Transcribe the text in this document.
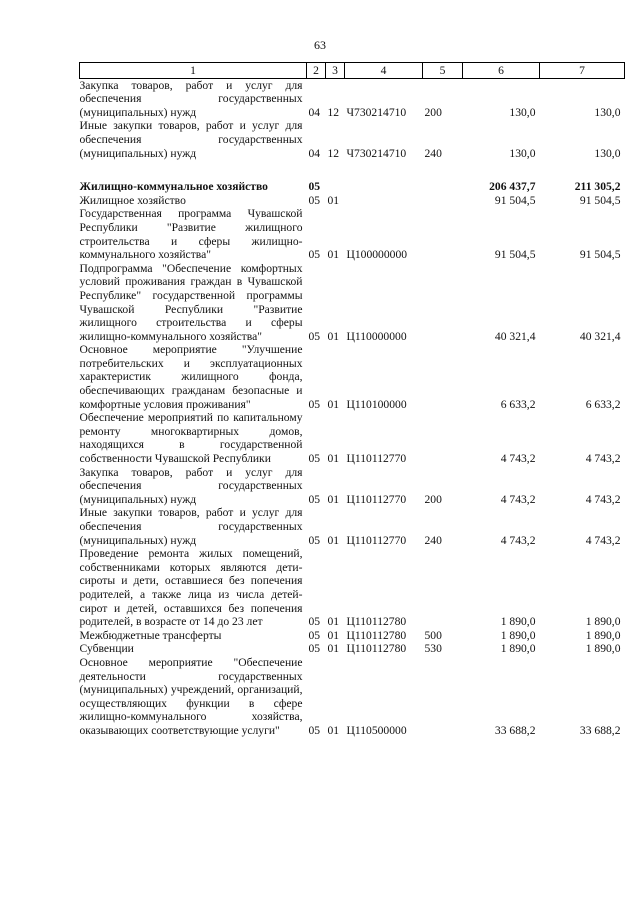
63
1	2	3	4	5	6	7
Закупка товаров, работ и услуг для обеспечения государственных (муниципальных) нужд	04	12	Ч730214710	200	130,0	130,0
Иные закупки товаров, работ и услуг для обеспечения государственных (муниципальных) нужд	04	12	Ч730214710	240	130,0	130,0

Жилищно-коммунальное хозяйство	05				206 437,7	211 305,2
Жилищное хозяйство	05	01			91 504,5	91 504,5
Государственная программа Чувашской Республики "Развитие жилищного строительства и сферы жилищно-коммунального хозяйства"	05	01	Ц100000000		91 504,5	91 504,5
Подпрограмма "Обеспечение комфортных условий проживания граждан в Чувашской Республике" государственной программы Чувашской Республики "Развитие жилищного строительства и сферы жилищно-коммунального хозяйства"	05	01	Ц110000000		40 321,4	40 321,4
Основное мероприятие "Улучшение потребительских и эксплуатационных характеристик жилищного фонда, обеспечивающих гражданам безопасные и комфортные условия проживания"	05	01	Ц110100000		6 633,2	6 633,2
Обеспечение мероприятий по капитальному ремонту многоквартирных домов, находящихся в государственной собственности Чувашской Республики	05	01	Ц110112770		4 743,2	4 743,2
Закупка товаров, работ и услуг для обеспечения государственных (муниципальных) нужд	05	01	Ц110112770	200	4 743,2	4 743,2
Иные закупки товаров, работ и услуг для обеспечения государственных (муниципальных) нужд	05	01	Ц110112770	240	4 743,2	4 743,2
Проведение ремонта жилых помещений, собственниками которых являются дети-сироты и дети, оставшиеся без попечения родителей, а также лица из числа детей-сирот и детей, оставшихся без попечения родителей, в возрасте от 14 до 23 лет	05	01	Ц110112780		1 890,0	1 890,0
Межбюджетные трансферты	05	01	Ц110112780	500	1 890,0	1 890,0
Субвенции	05	01	Ц110112780	530	1 890,0	1 890,0
Основное мероприятие "Обеспечение деятельности государственных (муниципальных) учреждений, организаций, осуществляющих функции в сфере жилищно-коммунального хозяйства, оказывающих соответствующие услуги"	05	01	Ц110500000		33 688,2	33 688,2
